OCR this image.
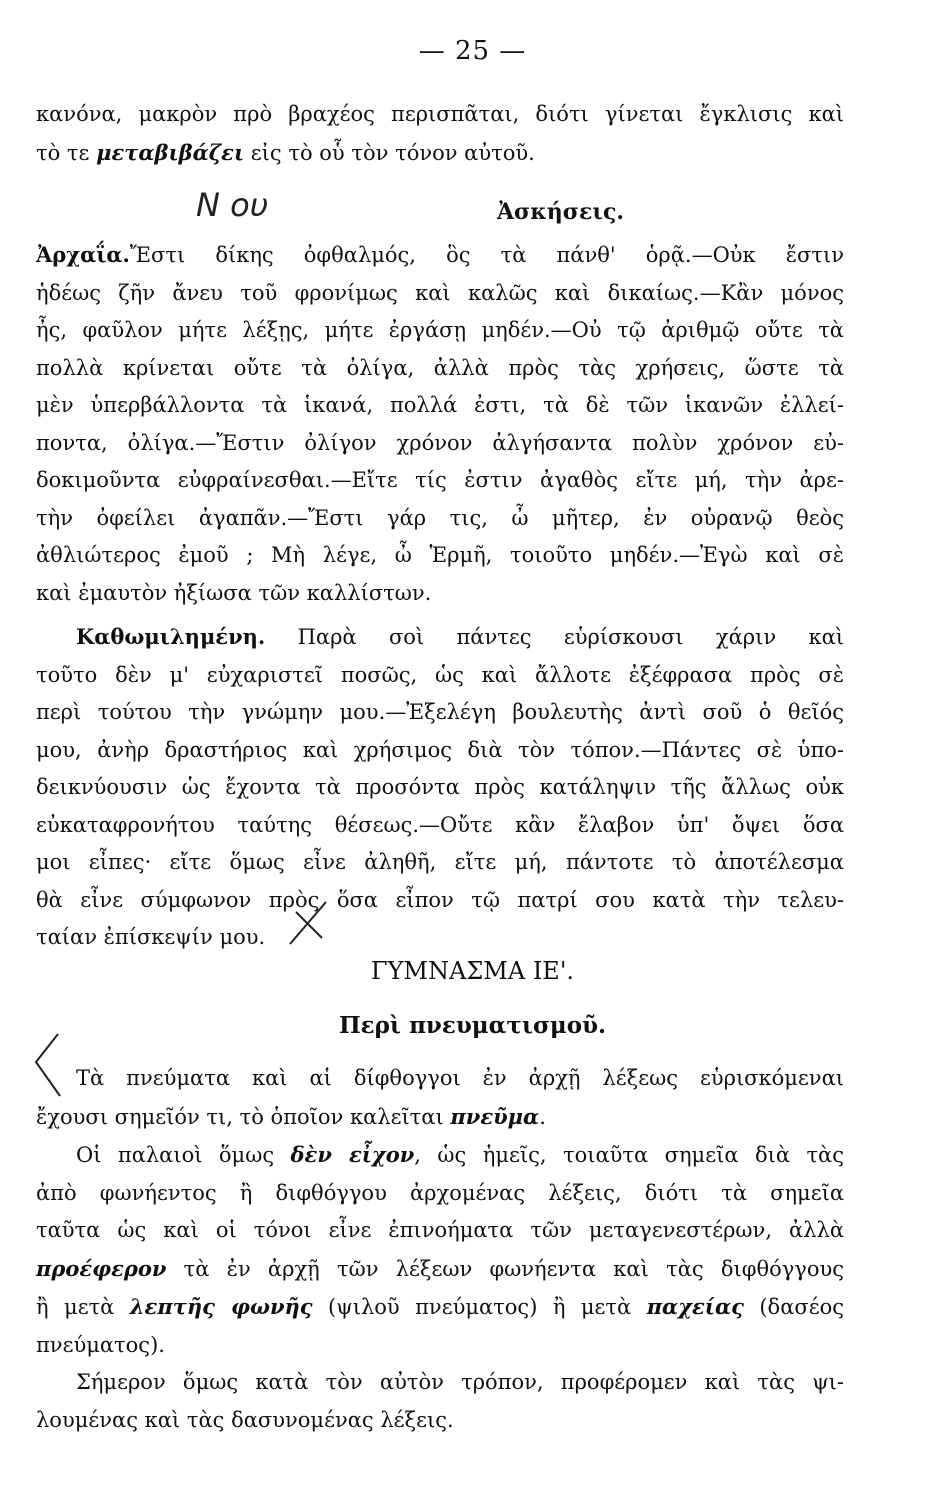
— 25 —
κανόνα, μακρὸν πρὸ βραχέος περισπᾶται, διότι γίνεται ἔγκλισις καὶ
τὸ τε μεταβιβάζει εἰς τὸ οὗ τὸν τόνον αὐτοῦ.
N ου	Ἀσκήσεις.
Ἀρχαΐα.Ἔστι δίκης ὀφθαλμός, ὃς τὰ πάνθ' ὁρᾷ.—Οὐκ ἔστιν
ἡδέως ζῆν ἄνευ τοῦ φρονίμως καὶ καλῶς καὶ δικαίως.—Κἂν μόνος
ἦς, φαῦλον μήτε λέξῃς, μήτε ἐργάσῃ μηδέν.—Οὐ τῷ ἀριθμῷ οὔτε τὰ
πολλὰ κρίνεται οὔτε τὰ ὀλίγα, ἀλλὰ πρὸς τὰς χρήσεις, ὥστε τὰ
μὲν ὑπερβάλλοντα τὰ ἱκανά, πολλά ἐστι, τὰ δὲ τῶν ἱκανῶν ἐλλεί-
ποντα, ὀλίγα.—Ἔστιν ὀλίγον χρόνον ἀλγήσαντα πολὺν χρόνον εὐ-
δοκιμοῦντα εὐφραίνεσθαι.—Εἴτε τίς ἐστιν ἀγαθὸς εἴτε μή, τὴν ἀρε-
τὴν ὀφείλει ἀγαπᾶν.—Ἔστι γάρ τις, ὦ μῆτερ, ἐν οὐρανῷ θεὸς
ἀθλιώτερος ἐμοῦ ; Μὴ λέγε, ὦ Ἑρμῆ, τοιοῦτο μηδέν.—Ἐγὼ καὶ σὲ
καὶ ἐμαυτὸν ἠξίωσα τῶν καλλίστων.
Καθωμιλημένη. Παρὰ σοὶ πάντες εὑρίσκουσι χάριν καὶ
τοῦτο δὲν μ' εὐχαριστεῖ ποσῶς, ὡς καὶ ἄλλοτε ἐξέφρασα πρὸς σὲ
περὶ τούτου τὴν γνώμην μου.—Ἐξελέγη βουλευτὴς ἀντὶ σοῦ ὁ θεῖός
μου, ἀνὴρ δραστήριος καὶ χρήσιμος διὰ τὸν τόπον.—Πάντες σὲ ὑπο-
δεικνύουσιν ὡς ἔχοντα τὰ προσόντα πρὸς κατάληψιν τῆς ἄλλως οὐκ
εὐκαταφρονήτου ταύτης θέσεως.—Οὔτε κἂν ἔλαβον ὑπ' ὄψει ὅσα
μοι εἶπες· εἴτε ὅμως εἶνε ἀληθῆ, εἴτε μή, πάντοτε τὸ ἀποτέλεσμα
θὰ εἶνε σύμφωνον πρὸς ὅσα εἶπον τῷ πατρί σου κατὰ τὴν τελευ-
ταίαν ἐπίσκεψίν μου.
ΓΥΜΝΑΣΜΑ ΙΕ'.
Περὶ πνευματισμοῦ.
Τὰ πνεύματα καὶ αἱ δίφθογγοι ἐν ἀρχῇ λέξεως εὑρισκόμεναι
ἔχουσι σημεῖόν τι, τὸ ὁποῖον καλεῖται πνεῦμα.
Οἱ παλαιοὶ ὅμως δὲν εἶχον, ὡς ἡμεῖς, τοιαῦτα σημεῖα διὰ τὰς
ἀπὸ φωνήεντος ἢ διφθόγγου ἀρχομένας λέξεις, διότι τὰ σημεῖα
ταῦτα ὡς καὶ οἱ τόνοι εἶνε ἐπινοήματα τῶν μεταγενεστέρων, ἀλλὰ
προέφερον τὰ ἐν ἀρχῇ τῶν λέξεων φωνήεντα καὶ τὰς διφθόγγους
ἢ μετὰ λεπτῆς φωνῆς (ψιλοῦ πνεύματος) ἢ μετὰ παχείας (δασέος
πνεύματος).
Σήμερον ὅμως κατὰ τὸν αὐτὸν τρόπον, προφέρομεν καὶ τὰς ψι-
λουμένας καὶ τὰς δασυνομένας λέξεις.
